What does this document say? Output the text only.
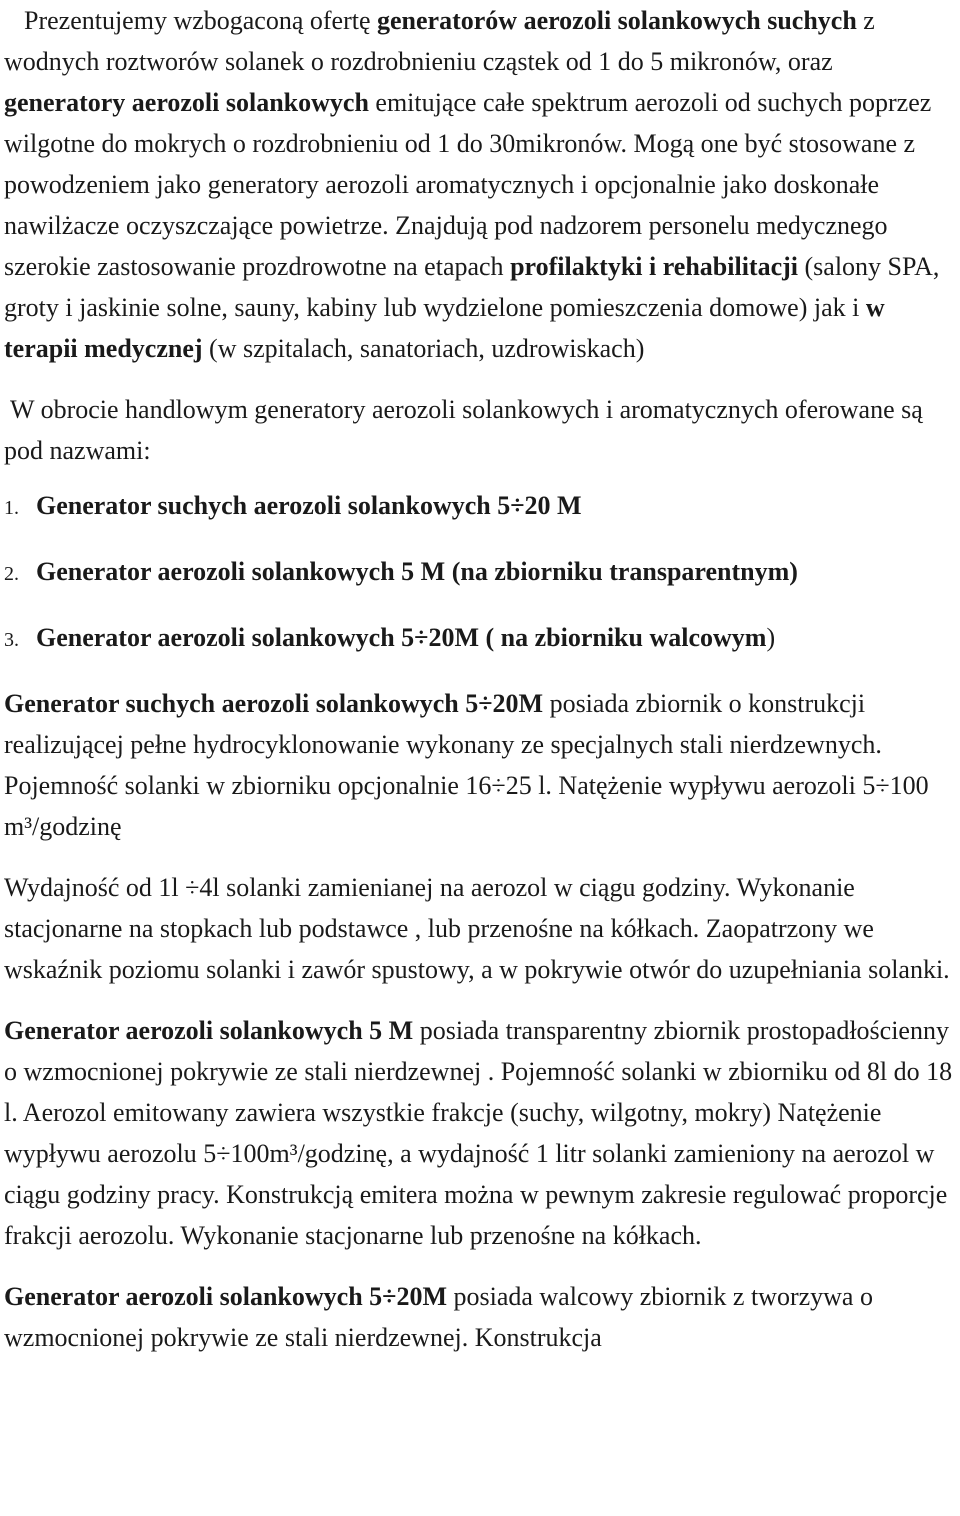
Prezentujemy wzbogaconą ofertę generatorów aerozoli solankowych suchych z wodnych roztworów solanek o rozdrobnieniu cząstek od 1 do 5 mikronów, oraz generatory aerozoli solankowych emitujące całe spektrum aerozoli od suchych poprzez wilgotne do mokrych o rozdrobnieniu od 1 do 30mikronów. Mogą one być stosowane z powodzeniem jako generatory aerozoli aromatycznych i opcjonalnie jako doskonałe nawilżacze oczyszczające powietrze. Znajdują pod nadzorem personelu medycznego szerokie zastosowanie prozdrowotne na etapach profilaktyki i rehabilitacji (salony SPA, groty i jaskinie solne, sauny, kabiny lub wydzielone pomieszczenia domowe) jak i w terapii medycznej (w szpitalach, sanatoriach, uzdrowiskach)

W obrocie handlowym generatory aerozoli solankowych i aromatycznych oferowane są pod nazwami:

1. Generator suchych aerozoli solankowych 5÷20 M
2. Generator aerozoli solankowych 5 M (na zbiorniku transparentnym)
3. Generator aerozoli solankowych 5÷20M ( na zbiorniku walcowym)

Generator suchych aerozoli solankowych 5÷20M posiada zbiornik o konstrukcji realizującej pełne hydrocyklonowanie wykonany ze specjalnych stali nierdzewnych. Pojemność solanki w zbiorniku opcjonalnie 16÷25 l. Natężenie wypływu aerozoli 5÷100 m³/godzinę

Wydajność od 1l ÷4l solanki zamienianej na aerozol w ciągu godziny. Wykonanie stacjonarne na stopkach lub podstawce , lub przenośne na kółkach. Zaopatrzony we wskaźnik poziomu solanki i zawór spustowy, a w pokrywie otwór do uzupełniania solanki.

Generator aerozoli solankowych 5 M posiada transparentny zbiornik prostopadłościenny o wzmocnionej pokrywie ze stali nierdzewnej . Pojemność solanki w zbiorniku od 8l do 18 l. Aerozol emitowany zawiera wszystkie frakcje (suchy, wilgotny, mokry) Natężenie wypływu aerozolu 5÷100m³/godzinę, a wydajność 1 litr solanki zamieniony na aerozol w ciągu godziny pracy. Konstrukcją emitera można w pewnym zakresie regulować proporcje frakcji aerozolu. Wykonanie stacjonarne lub przenośne na kółkach.

Generator aerozoli solankowych 5÷20M posiada walcowy zbiornik z tworzywa o wzmocnionej pokrywie ze stali nierdzewnej. Konstrukcja
